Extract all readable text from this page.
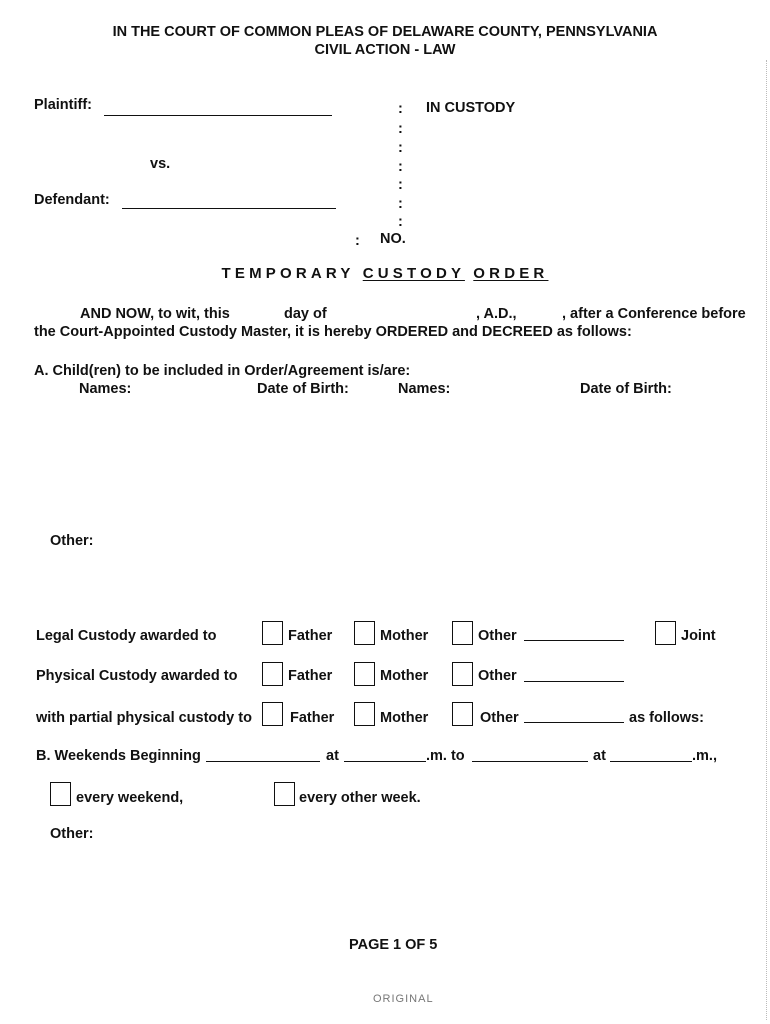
IN THE COURT OF COMMON PLEAS OF DELAWARE COUNTY, PENNSYLVANIA
CIVIL ACTION - LAW
Plaintiff:
vs.
Defendant:
:
:
:
:
:
:
:
:
IN CUSTODY
NO.
TEMPORARY CUSTODY ORDER
AND NOW, to wit, this	day of	, A.D.,	, after a Conference before
the Court-Appointed Custody Master, it is hereby ORDERED and DECREED as follows:
A. Child(ren) to be included in Order/Agreement is/are:
Names:	Date of Birth:	Names:	Date of Birth:
Other:
Legal Custody awarded to	Father	Mother	Other	Joint
Physical Custody awarded to	Father	Mother	Other
with partial physical custody to	Father	Mother	Other	as follows:
B. Weekends Beginning	at	.m. to	at	.m.,
every weekend,	every other week.
Other:
PAGE 1 OF 5
ORIGINAL
